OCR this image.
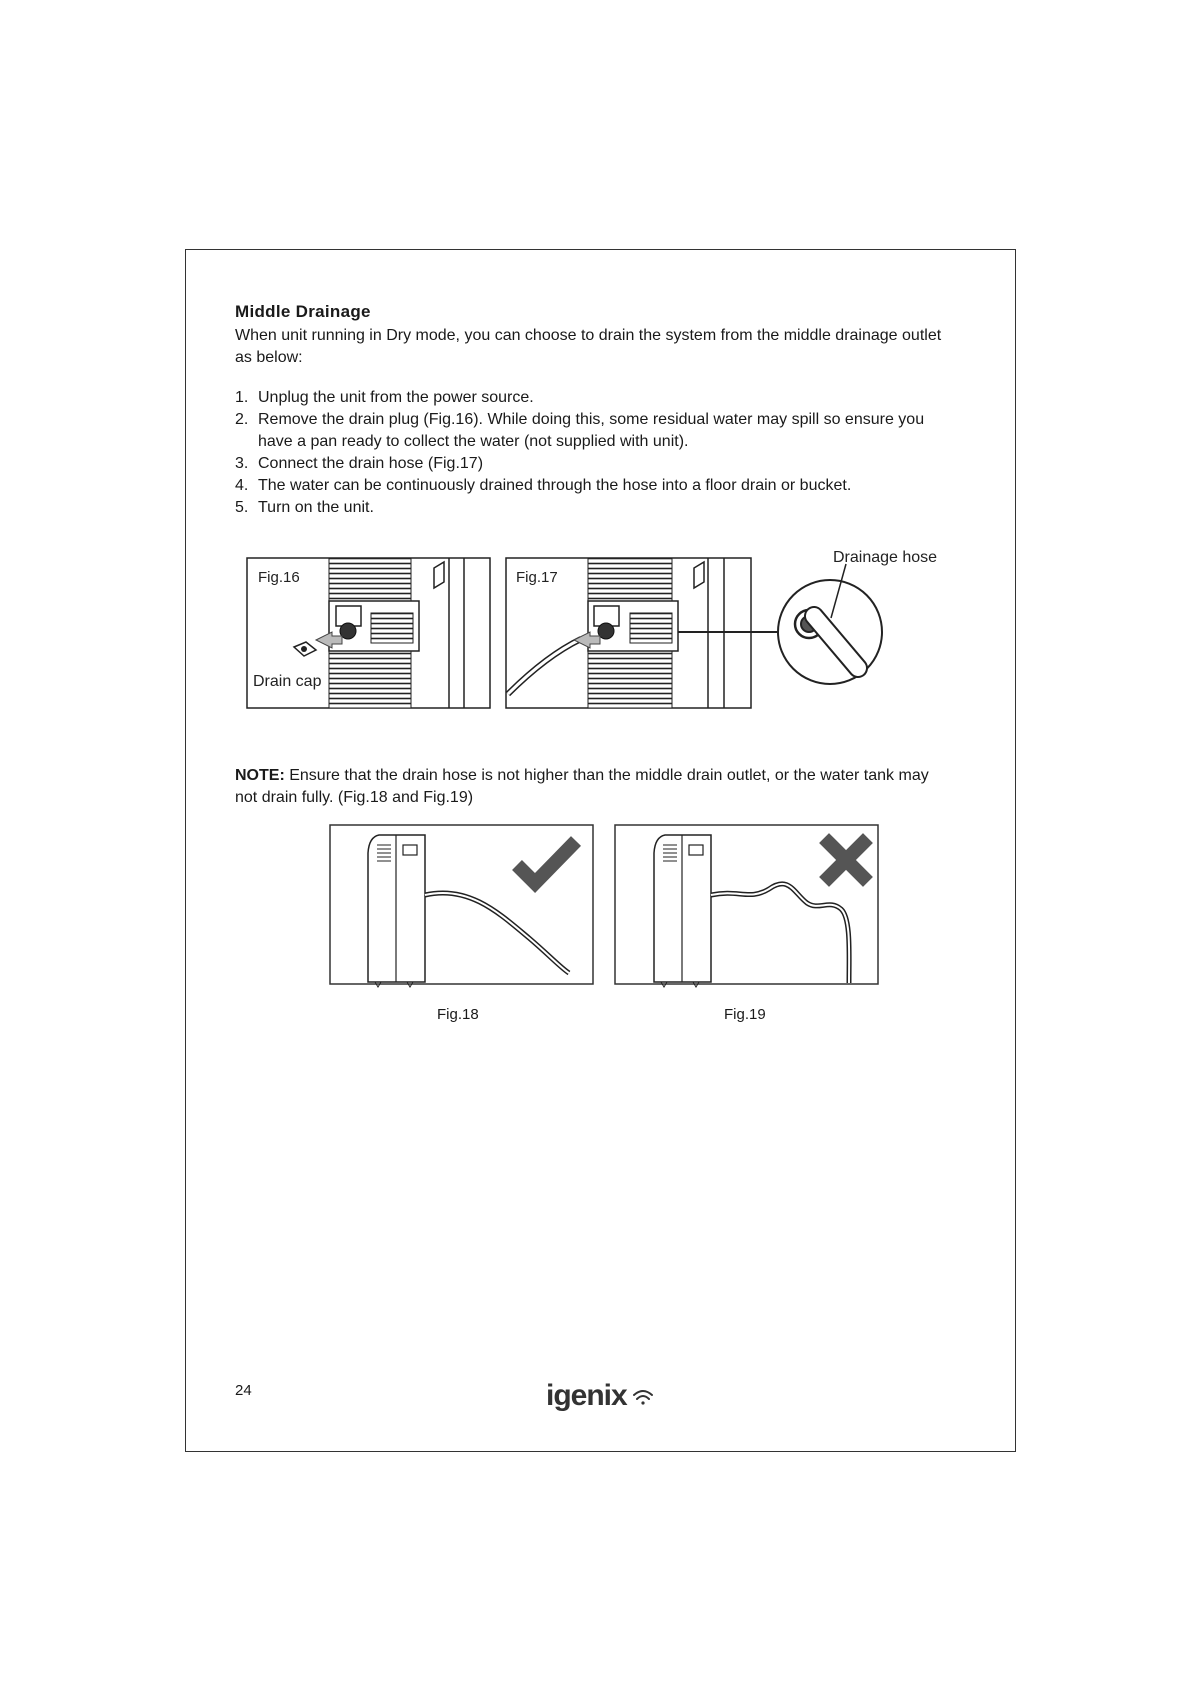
Middle Drainage

When unit running in Dry mode, you can choose to drain the system from the middle drainage outlet as below:

1. Unplug the unit from the power source.
2. Remove the drain plug (Fig.16). While doing this, some residual water may spill so ensure you have a pan ready to collect the water (not supplied with unit).
3. Connect the drain hose (Fig.17)
4. The water can be continuously drained through the hose into a floor drain or bucket.
5. Turn on the unit.
Fig.16
Drain cap
Fig.17
Drainage hose

NOTE: Ensure that the drain hose is not higher than the middle drain outlet, or the water tank may not drain fully. (Fig.18 and Fig.19)

Fig.18	Fig.19
24	igenix
